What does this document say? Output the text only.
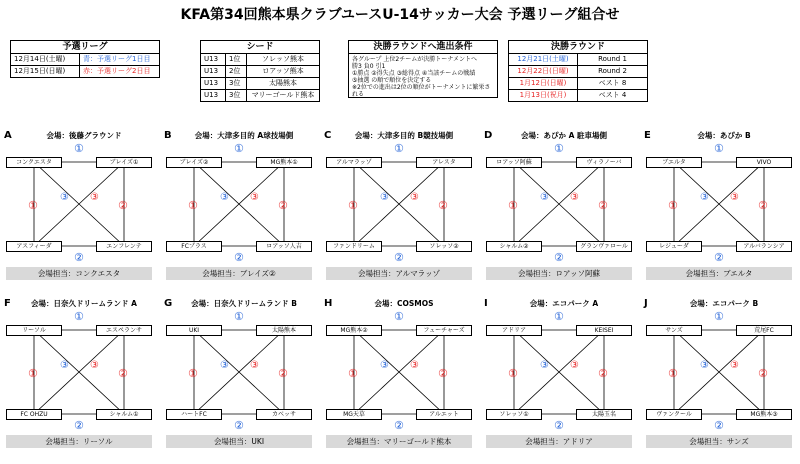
KFA第34回熊本県クラブユースU-14サッカー大会 予選リーグ組合せ
予選リーグ
12月14日(土曜)	青：予選リーグ1日目
12月15日(日曜)	赤：予選リーグ2日目
シード
U13	1位	ソレッソ熊本
U13	2位	ロアッソ熊本
U13	3位	太陽熊本
U13	3位	マリーゴールド熊本
決勝ラウンドへ進出条件
各グループ 上位2チームが決勝トーナメントへ
勝3 負0 引1
①勝点 ②得失点 ③総得点 ④当該チームの戦績
⑤抽選 の順で順位を決定する
※2位での進出は2位の順位がトーナメントに繁栄される
決勝ラウンド
12月21日(土曜)	Round 1
12月22日(日曜)	Round 2
1月12日(日曜)	ベスト 8
1月13日(祝月)	ベスト 4
A	会場：後藤グラウンド
コンクエスタ	ブレイズ①
アスフィーダ	エンフレンテ
①
②
①	②
③ ③
会場担当：コンクエスタ
B	会場：大津多目的 A球技場側
ブレイズ②	MG熊本①
FCプラス	ロアッソ人吉
①
②
①	②
③ ③
会場担当：ブレイズ②
C	会場：大津多目的 B競技場側
アルマラッゾ	アレスタ
ファンドリーム	ソレッソ②
①
②
①	②
③ ③
会場担当：アルマラッゾ
D	会場：あぴか A 駐車場側
ロアッソ阿蘇	ヴィラノーバ
シャルム②	グランヴァロール
①
②
①	②
③ ③
会場担当：ロアッソ阿蘇
E	会場：あぴか B
ブエルタ	VIVO
レジューダ	アルバランシア
①
②
①	②
③ ③
会場担当：ブエルタ
F	会場：日奈久ドリームランド A
リーソル	エスペランサ
FC OHZU	シャルム①
①
②
①	②
③ ③
会場担当：リーソル
G	会場：日奈久ドリームランド B
UKI	太陽熊本
ハートFC	カベッサ
①
②
①	②
③ ③
会場担当：UKI
H	会場：COSMOS
MG熊本②	フューチャーズ
MG天草	アルエット
①
②
①	②
③ ③
会場担当：マリーゴールド熊本
I	会場：エコパーク A
アドリア	KEISEI
ソレッソ①	太陽玉名
①
②
①	②
③ ③
会場担当：アドリア
J	会場：エコパーク B
サンズ	荒尾FC
ヴァンクール	MG熊本③
①
②
①	②
③ ③
会場担当：サンズ
